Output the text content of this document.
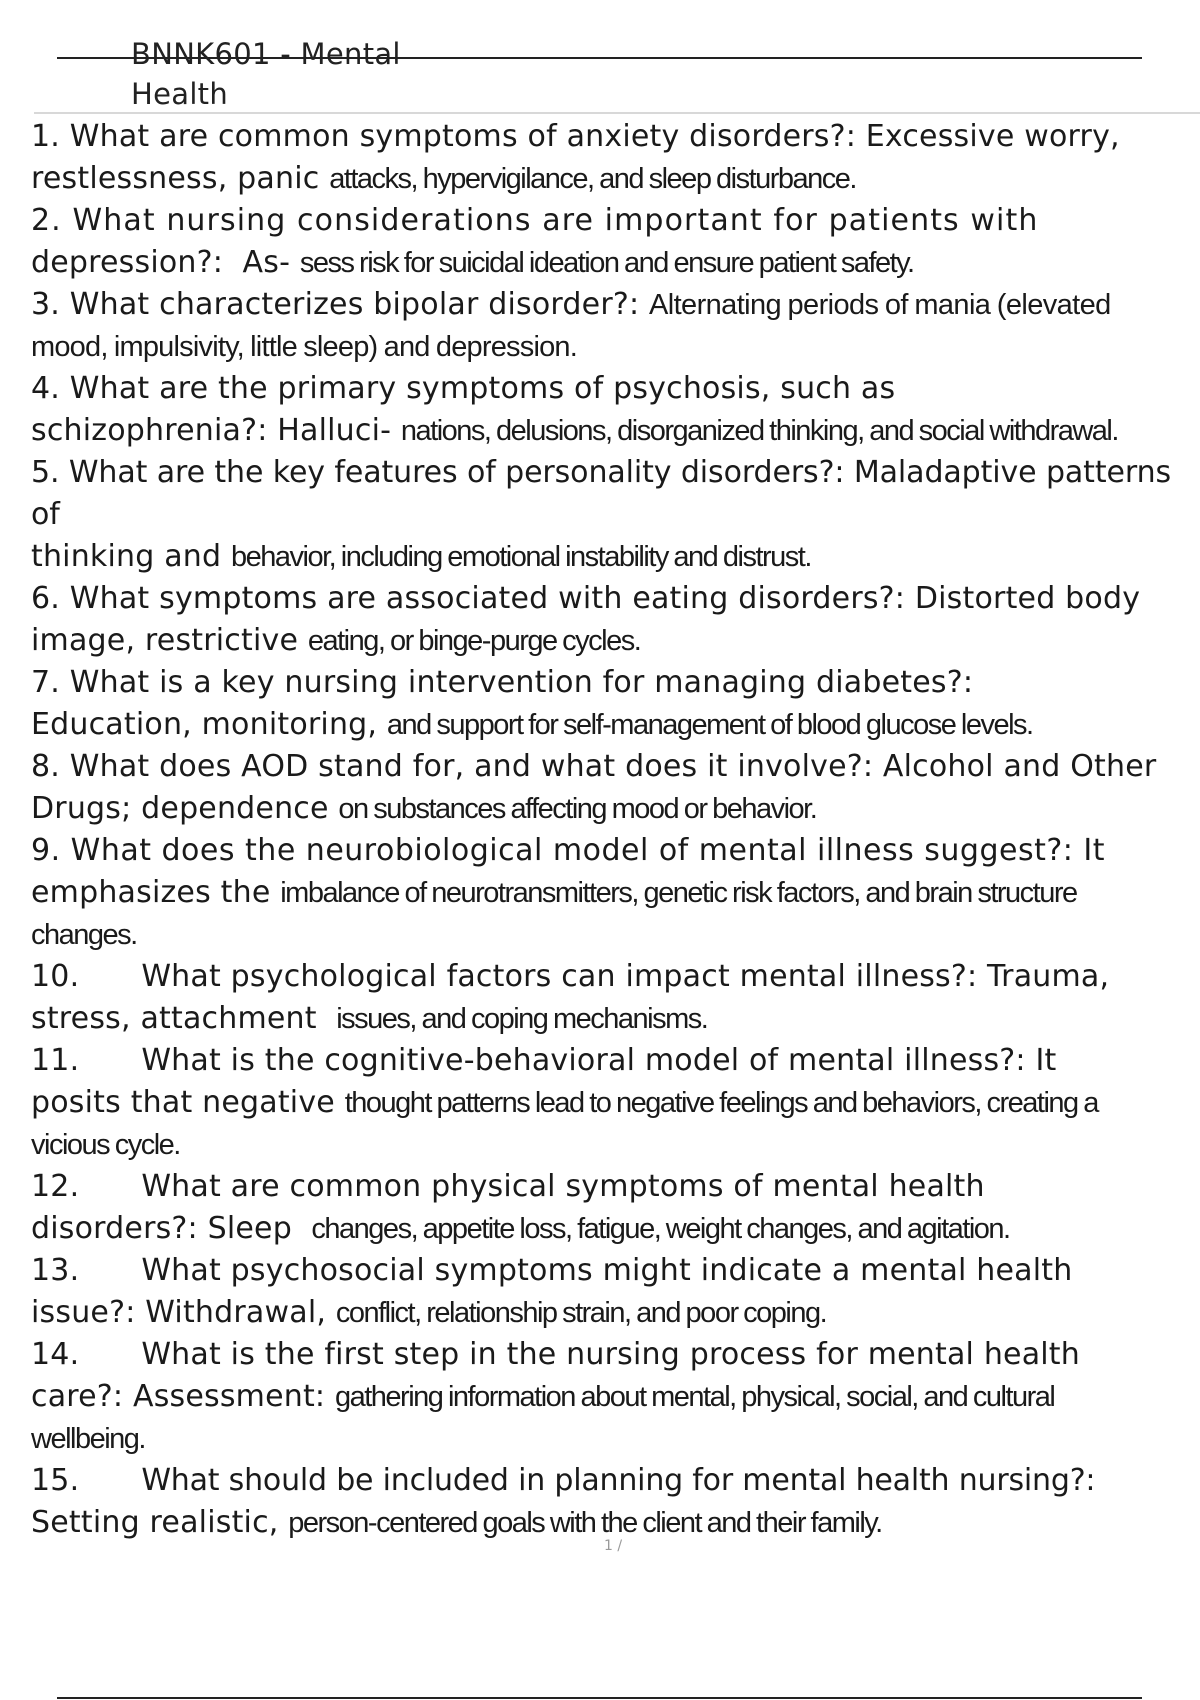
BNNK601 - Mental
Health

1. What are common symptoms of anxiety disorders?: Excessive worry,
restlessness, panic attacks, hypervigilance, and sleep disturbance.

2. What nursing considerations are important for patients with
depression?:  As- sess risk for suicidal ideation and ensure patient safety.

3. What characterizes bipolar disorder?: Alternating periods of mania (elevated
mood, impulsivity, little sleep) and depression.

4. What are the primary symptoms of psychosis, such as
schizophrenia?: Halluci- nations, delusions, disorganized thinking, and social withdrawal.

5. What are the key features of personality disorders?: Maladaptive patterns of
thinking and behavior, including emotional instability and distrust.

6. What symptoms are associated with eating disorders?: Distorted body
image, restrictive eating, or binge-purge cycles.

7. What is a key nursing intervention for managing diabetes?:
Education, monitoring, and support for self-management of blood glucose levels.

8. What does AOD stand for, and what does it involve?: Alcohol and Other
Drugs; dependence on substances affecting mood or behavior.

9. What does the neurobiological model of mental illness suggest?: It
emphasizes the imbalance of neurotransmitters, genetic risk factors, and brain structure
changes.

10. What psychological factors can impact mental illness?: Trauma,
stress, attachment  issues, and coping mechanisms.

11. What is the cognitive-behavioral model of mental illness?: It
posits that negative thought patterns lead to negative feelings and behaviors, creating a
vicious cycle.

12. What are common physical symptoms of mental health
disorders?: Sleep  changes, appetite loss, fatigue, weight changes, and agitation.

13. What psychosocial symptoms might indicate a mental health
issue?: Withdrawal, conflict, relationship strain, and poor coping.

14. What is the first step in the nursing process for mental health
care?: Assessment: gathering information about mental, physical, social, and cultural
wellbeing.

15. What should be included in planning for mental health nursing?:
Setting realistic, person-centered goals with the client and their family.

1 /
